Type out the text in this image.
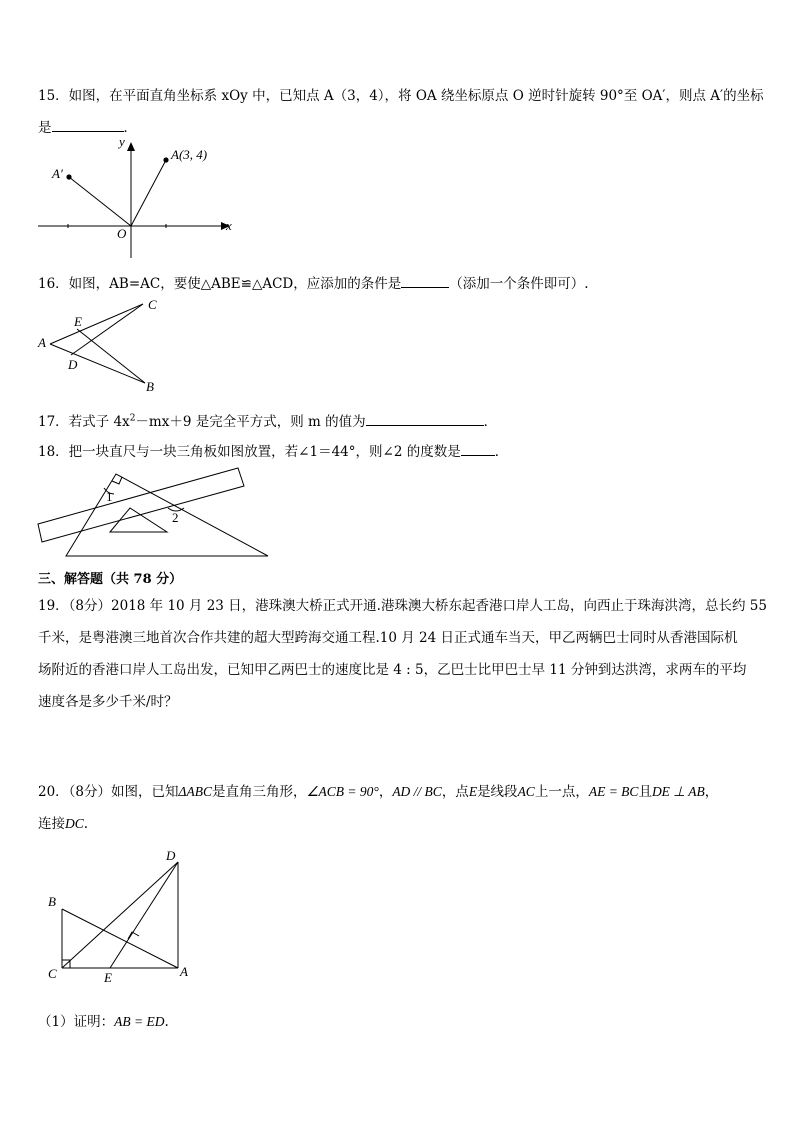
15．如图，在平面直角坐标系 xOy 中，已知点 A（3，4），将 OA 绕坐标原点 O 逆时针旋转 90°至 OA′，则点 A′的坐标
是	．
y
x
O
A(3, 4)
A′
16．如图，AB=AC，要使△ABE≌△ACD，应添加的条件是	（添加一个条件即可）.
A
B
C
D
E
17．若式子 $4x^2-mx+9$ 是完全平方式，则 m 的值为	．
18．把一块直尺与一块三角板如图放置，若∠1＝44°，则∠2 的度数是	．
1
2
三、解答题（共 78 分）
19．（8分）2018 年 10 月 23 日，港珠澳大桥正式开通.港珠澳大桥东起香港口岸人工岛，向西止于珠海洪湾，总长约 55
千米，是粤港澳三地首次合作共建的超大型跨海交通工程.10 月 24 日正式通车当天，甲乙两辆巴士同时从香港国际机
场附近的香港口岸人工岛出发，已知甲乙两巴士的速度比是 4 : 5，乙巴士比甲巴士早 11 分钟到达洪湾，求两车的平均
速度各是多少千米/时？
20．（8分）如图，已知ΔABC是直角三角形，∠ACB = 90°，AD // BC，点E是线段AC上一点，AE = BC且DE ⊥ AB，
连接DC.
D
B
C	A
E
（1）证明：AB = ED.
